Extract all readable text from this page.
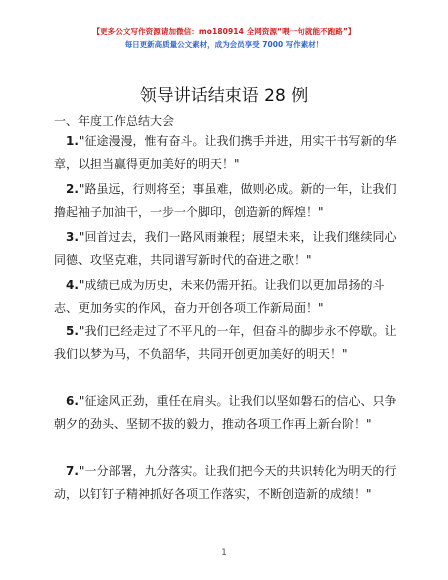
【更多公文写作资源请加微信：mo180914 全网资源“喂一句就能不跑路”】
每日更新高质量公文素材，成为会员享受 7000 写作素材！
领导讲话结束语 28 例
一、年度工作总结大会
1."征途漫漫，惟有奋斗。让我们携手并进，用实干书写新的华章，以担当赢得更加美好的明天！"
2."路虽远，行则将至；事虽难，做则必成。新的一年，让我们撸起袖子加油干，一步一个脚印，创造新的辉煌！"
3."回首过去，我们一路风雨兼程；展望未来，让我们继续同心同德、攻坚克难，共同谱写新时代的奋进之歌！"
4."成绩已成为历史，未来仍需开拓。让我们以更加昂扬的斗志、更加务实的作风，奋力开创各项工作新局面！"
5."我们已经走过了不平凡的一年，但奋斗的脚步永不停歇。让我们以梦为马，不负韶华，共同开创更加美好的明天！"
6."征途风正劲，重任在肩头。让我们以坚如磐石的信心、只争朝夕的劲头、坚韧不拔的毅力，推动各项工作再上新台阶！"
7."一分部署，九分落实。让我们把今天的共识转化为明天的行动，以钉钉子精神抓好各项工作落实，不断创造新的成绩！"
1
